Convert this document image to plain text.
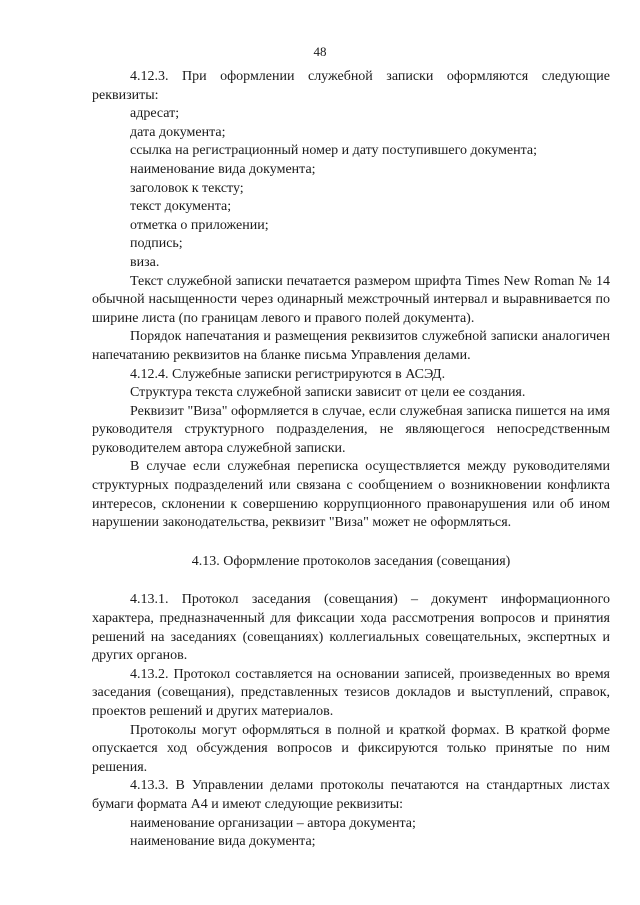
48
4.12.3. При оформлении служебной записки оформляются следующие реквизиты:
адресат;
дата документа;
ссылка на регистрационный номер и дату поступившего документа;
наименование вида документа;
заголовок к тексту;
текст документа;
отметка о приложении;
подпись;
виза.
Текст служебной записки печатается размером шрифта Times New Roman № 14 обычной насыщенности через одинарный межстрочный интервал и выравнивается по ширине листа (по границам левого и правого полей документа).
Порядок напечатания и размещения реквизитов служебной записки аналогичен напечатанию реквизитов на бланке письма Управления делами.
4.12.4. Служебные записки регистрируются в АСЭД.
Структура текста служебной записки зависит от цели ее создания.
Реквизит "Виза" оформляется в случае, если служебная записка пишется на имя руководителя структурного подразделения, не являющегося непосредственным руководителем автора служебной записки.
В случае если служебная переписка осуществляется между руководителями структурных подразделений или связана с сообщением о возникновении конфликта интересов, склонении к совершению коррупционного правонарушения или об ином нарушении законодательства, реквизит "Виза" может не оформляться.
4.13. Оформление протоколов заседания (совещания)
4.13.1. Протокол заседания (совещания) – документ информационного характера, предназначенный для фиксации хода рассмотрения вопросов и принятия решений на заседаниях (совещаниях) коллегиальных совещательных, экспертных и других органов.
4.13.2. Протокол составляется на основании записей, произведенных во время заседания (совещания), представленных тезисов докладов и выступлений, справок, проектов решений и других материалов.
Протоколы могут оформляться в полной и краткой формах. В краткой форме опускается ход обсуждения вопросов и фиксируются только принятые по ним решения.
4.13.3. В Управлении делами протоколы печатаются на стандартных листах бумаги формата А4 и имеют следующие реквизиты:
наименование организации – автора документа;
наименование вида документа;
